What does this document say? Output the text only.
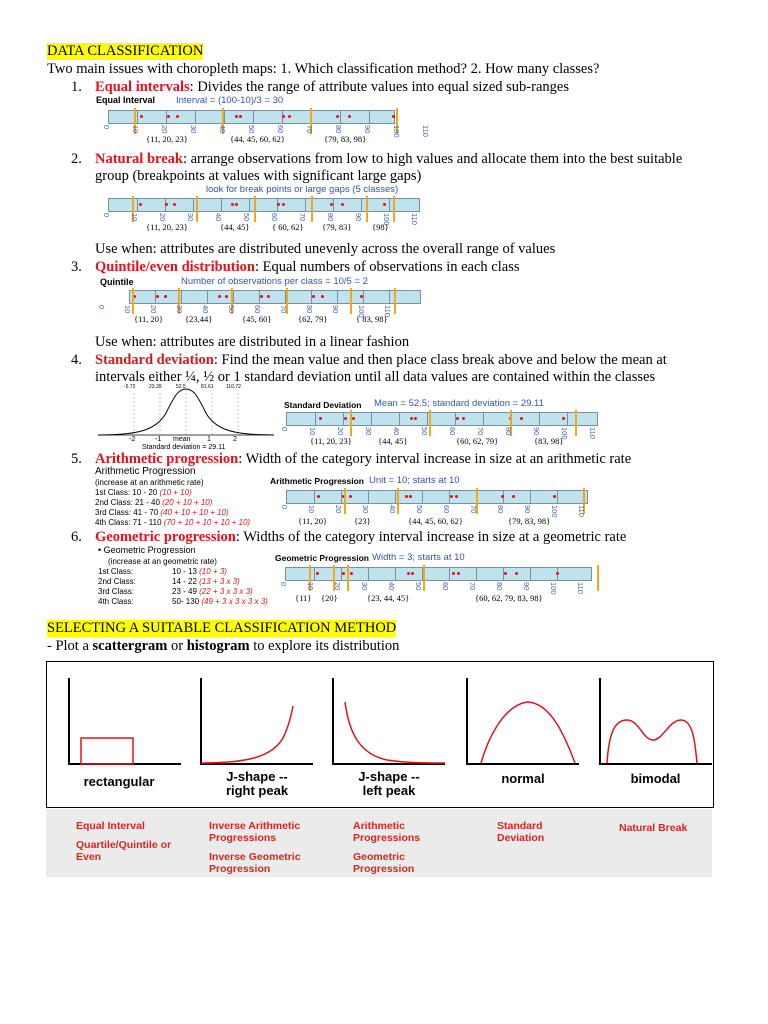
DATA CLASSIFICATION
Two main issues with choropleth maps: 1. Which classification method? 2. How many classes?
1. Equal intervals: Divides the range of attribute values into equal sized sub-ranges
Equal Interval Interval = (100-10)/3 = 30
{11, 20, 23}	{44, 45, 60, 62}	{79, 83, 98}
0	10	20	30	40	50	60	70	80	90	100	110
2. Natural break: arrange observations from low to high values and allocate them into the best suitable
group (breakpoints at values with significant large gaps)
look for break points or large gaps (5 classes)
{11, 20, 23}	{44, 45}	{ 60, 62} {79, 83} {98}
0	10	20	30	40	50	60	70	80	90	100	110
Use when: attributes are distributed unevenly across the overall range of values
3. Quintile/even distribution: Equal numbers of observations in each class
Quintile	Number of observations per class = 10/5 = 2
{11, 20}	{23,44}	{45, 60}	{62, 79}	{ 83, 98}
0 10 20 30 40 50 60 70 80 90 100 110
Use when: attributes are distributed in a linear fashion
4. Standard deviation: Find the mean value and then place class break above and below the mean at
intervals either ¼, ½ or 1 standard deviation until all data values are contained within the classes
-5.72	23.39	52.5	81.61 110.72
-2	-1 mean 1	2
Standard deviation = 29.11
Standard Deviation Mean = 52.5; standard deviation = 29.11
{11, 20, 23}	{44, 45}	{60, 62, 79}	{83, 98}
0	10	20	30	40	50	60	70	80	90	100	110
5. Arithmetic progression: Width of the category interval increase in size at an arithmetic rate
Arithmetic Progression
(increase at an arithmetic rate)
1st Class: 10 - 20 (10 + 10)
2nd Class: 21 - 40 (20 + 10 + 10)
3rd Class: 41 - 70 (40 + 10 + 10 + 10)
4th Class: 71 - 110 (70 + 10 + 10 + 10 + 10)
Arithmetic Progression Unit = 10; starts at 10
{11, 20}	{23}	{44, 45, 60, 62}	{79, 83, 98}
0 10 20 30 40 50 60 70 80 90 100 110
6. Geometric progression: Widths of the category interval increase in size at a geometric rate
• Geometric Progression
(increase at an geometric rate)
1st Class:	10 - 13 (10 + 3)
2nd Class:	14 - 22 (13 + 3 x 3)
3rd Class:	23 - 49 (22 + 3 x 3 x 3)
4th Class:	50- 130 (49 + 3 x 3 x 3 x 3)
Geometric Progression Width = 3; starts at 10
{11} {20}	{23, 44, 45}	{60, 62, 79, 83, 98}
0 10 20 30 40 50 60 70 80 90 100 110
SELECTING A SUITABLE CLASSIFICATION METHOD
- Plot a scattergram or histogram to explore its distribution
rectangular	J-shape --
right peak
J-shape --
left peak
normal	bimodal
Equal Interval
Quartile/Quintile or
Even
Inverse Arithmetic
Progressions
Inverse Geometric
Progression
Arithmetic
Progressions
Geometric
Progression
Standard
Deviation
Natural Break
